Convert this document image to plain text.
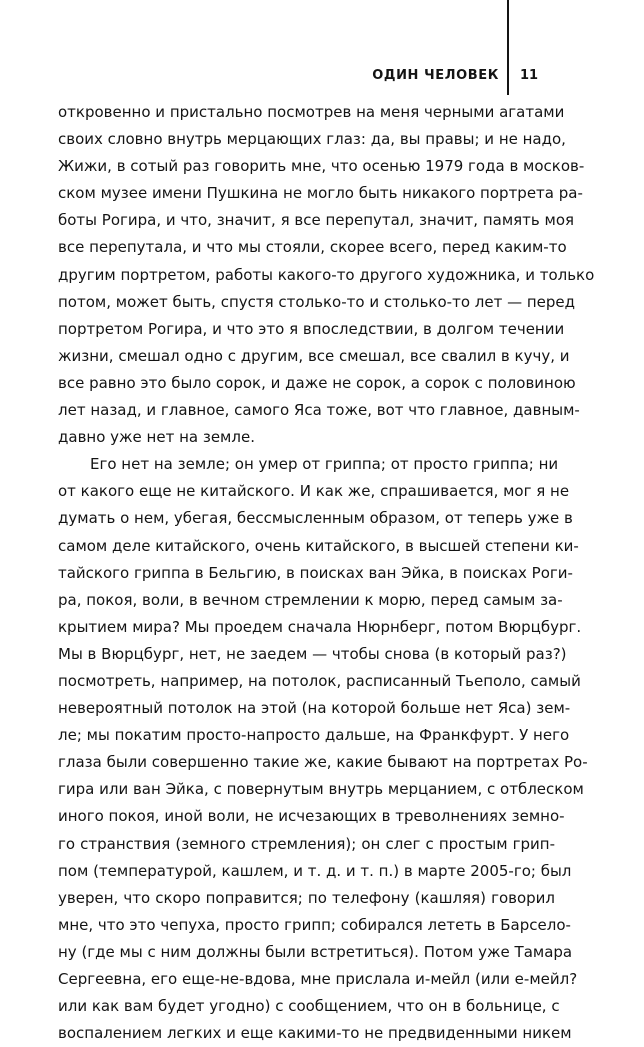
ОДИН ЧЕЛОВЕК 11
откровенно и пристально посмотрев на меня черными агатами
своих словно внутрь мерцающих глаз: да, вы правы; и не надо,
Жижи, в сотый раз говорить мне, что осенью 1979 года в москов-
ском музее имени Пушкина не могло быть никакого портрета ра-
боты Рогира, и что, значит, я все перепутал, значит, память моя
все перепутала, и что мы стояли, скорее всего, перед каким-то
другим портретом, работы какого-то другого художника, и только
потом, может быть, спустя столько-то и столько-то лет — перед
портретом Рогира, и что это я впоследствии, в долгом течении
жизни, смешал одно с другим, все смешал, все свалил в кучу, и
все равно это было сорок, и даже не сорок, а сорок с половиною
лет назад, и главное, самого Яса тоже, вот что главное, давным-
давно уже нет на земле.
Его нет на земле; он умер от гриппа; от просто гриппа; ни
от какого еще не китайского. И как же, спрашивается, мог я не
думать о нем, убегая, бессмысленным образом, от теперь уже в
самом деле китайского, очень китайского, в высшей степени ки-
тайского гриппа в Бельгию, в поисках ван Эйка, в поисках Роги-
ра, покоя, воли, в вечном стремлении к морю, перед самым за-
крытием мира? Мы проедем сначала Нюрнберг, потом Вюрцбург.
Мы в Вюрцбург, нет, не заедем — чтобы снова (в который раз?)
посмотреть, например, на потолок, расписанный Тьеполо, самый
невероятный потолок на этой (на которой больше нет Яса) зем-
ле; мы покатим просто-напросто дальше, на Франкфурт. У него
глаза были совершенно такие же, какие бывают на портретах Ро-
гира или ван Эйка, с повернутым внутрь мерцанием, с отблеском
иного покоя, иной воли, не исчезающих в треволнениях земно-
го странствия (земного стремления); он слег с простым грип-
пом (температурой, кашлем, и т. д. и т. п.) в марте 2005-го; был
уверен, что скоро поправится; по телефону (кашляя) говорил
мне, что это чепуха, просто грипп; собирался лететь в Барсело-
ну (где мы с ним должны были встретиться). Потом уже Тамара
Сергеевна, его еще-не-вдова, мне прислала и-мейл (или е-мейл?
или как вам будет угодно) с сообщением, что он в больнице, с
воспалением легких и еще какими-то не предвиденными никем
